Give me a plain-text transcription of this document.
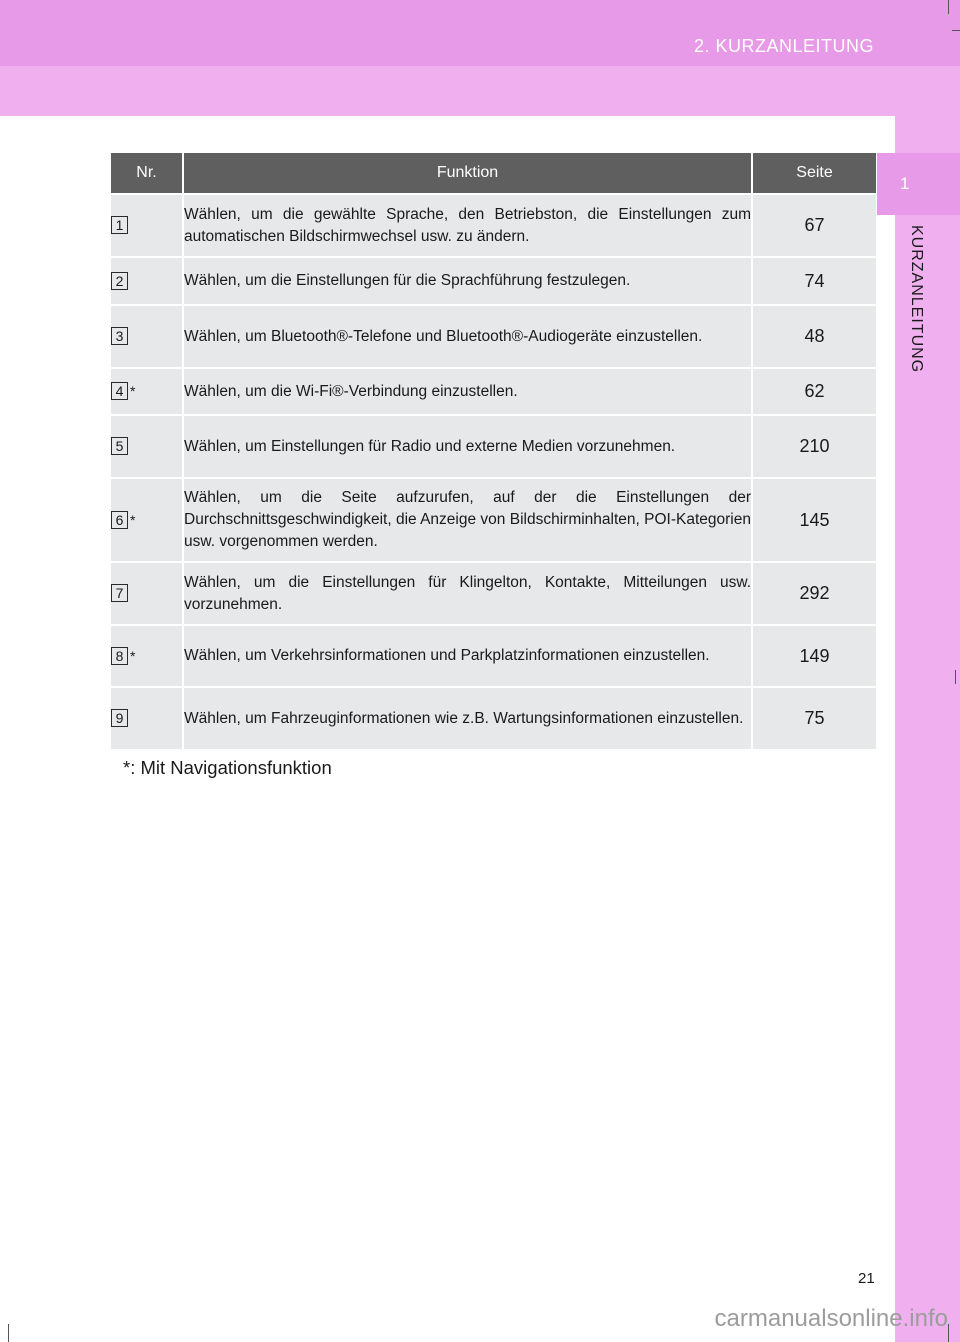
2. KURZANLEITUNG
1
KURZANLEITUNG
Nr.	Funktion	Seite
1	Wählen, um die gewählte Sprache, den Betriebston, die Einstellungen zum automatischen Bildschirmwechsel usw. zu ändern.	67
2	Wählen, um die Einstellungen für die Sprachführung festzulegen.	74
3	Wählen, um Bluetooth®-Telefone und Bluetooth®-Audiogeräte einzustellen.	48
4 *	Wählen, um die Wi-Fi®-Verbindung einzustellen.	62
5	Wählen, um Einstellungen für Radio und externe Medien vorzunehmen.	210
6 *	Wählen, um die Seite aufzurufen, auf der die Einstellungen der Durchschnittsgeschwindigkeit, die Anzeige von Bildschirminhalten, POI-Kategorien usw. vorgenommen werden.	145
7	Wählen, um die Einstellungen für Klingelton, Kontakte, Mitteilungen usw. vorzunehmen.	292
8 *	Wählen, um Verkehrsinformationen und Parkplatzinformationen einzustellen.	149
9	Wählen, um Fahrzeuginformationen wie z.B. Wartungsinformationen einzustellen.	75
*: Mit Navigationsfunktion
21
carmanualsonline.info
